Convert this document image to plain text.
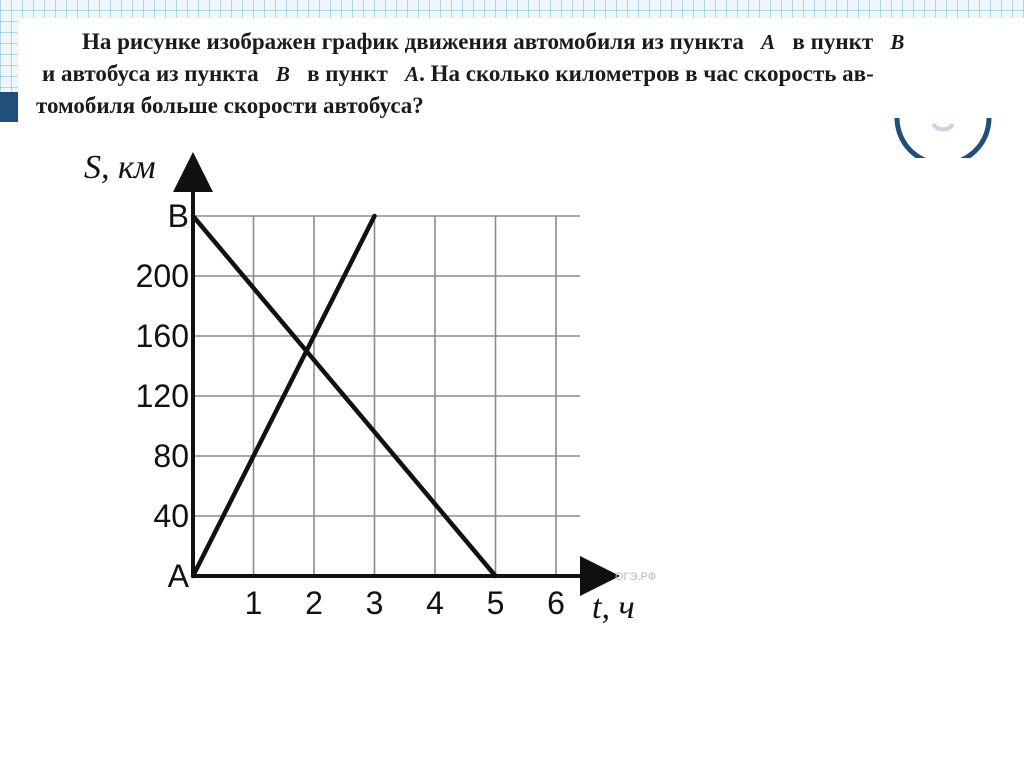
На рисунке изображен график движения автомобиля из пункта A в пункт B
и автобуса из пункта B в пункт A. На сколько километров в час скорость ав-
томобиля больше скорости автобуса?
1 2 3 4 5 6
A
40
80
120
160
200
B
S, км
t, ч
ОГЭ.РФ
